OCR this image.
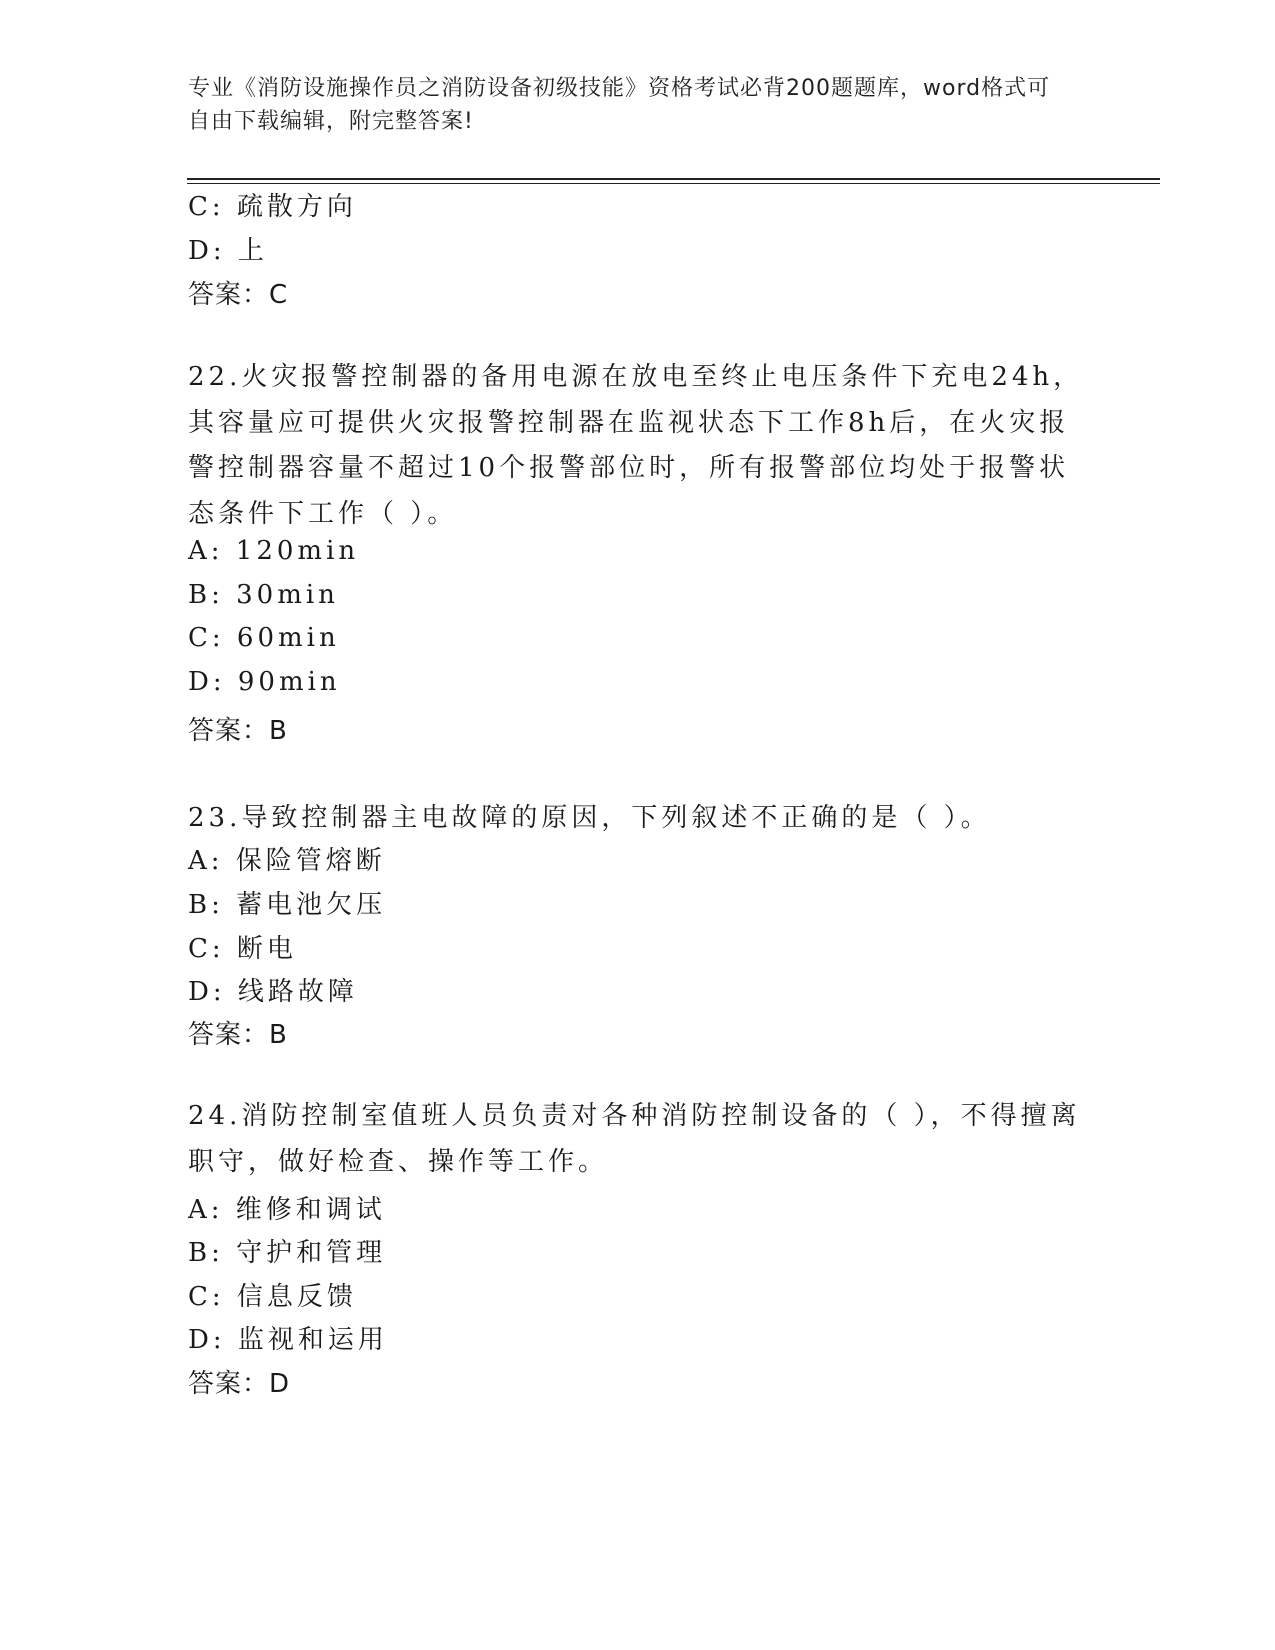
专业《消防设施操作员之消防设备初级技能》资格考试必背200题题库，word格式可自由下载编辑，附完整答案!
C: 疏散方向
D: 上
答案：C
22.火灾报警控制器的备用电源在放电至终止电压条件下充电24h，其容量应可提供火灾报警控制器在监视状态下工作8h后，在火灾报警控制器容量不超过10个报警部位时，所有报警部位均处于报警状态条件下工作（ ）。
A: 120min
B: 30min
C: 60min
D: 90min
答案：B
23.导致控制器主电故障的原因，下列叙述不正确的是（ ）。
A: 保险管熔断
B: 蓄电池欠压
C: 断电
D: 线路故障
答案：B
24.消防控制室值班人员负责对各种消防控制设备的（ ），不得擅离职守，做好检查、操作等工作。
A: 维修和调试
B: 守护和管理
C: 信息反馈
D: 监视和运用
答案：D
